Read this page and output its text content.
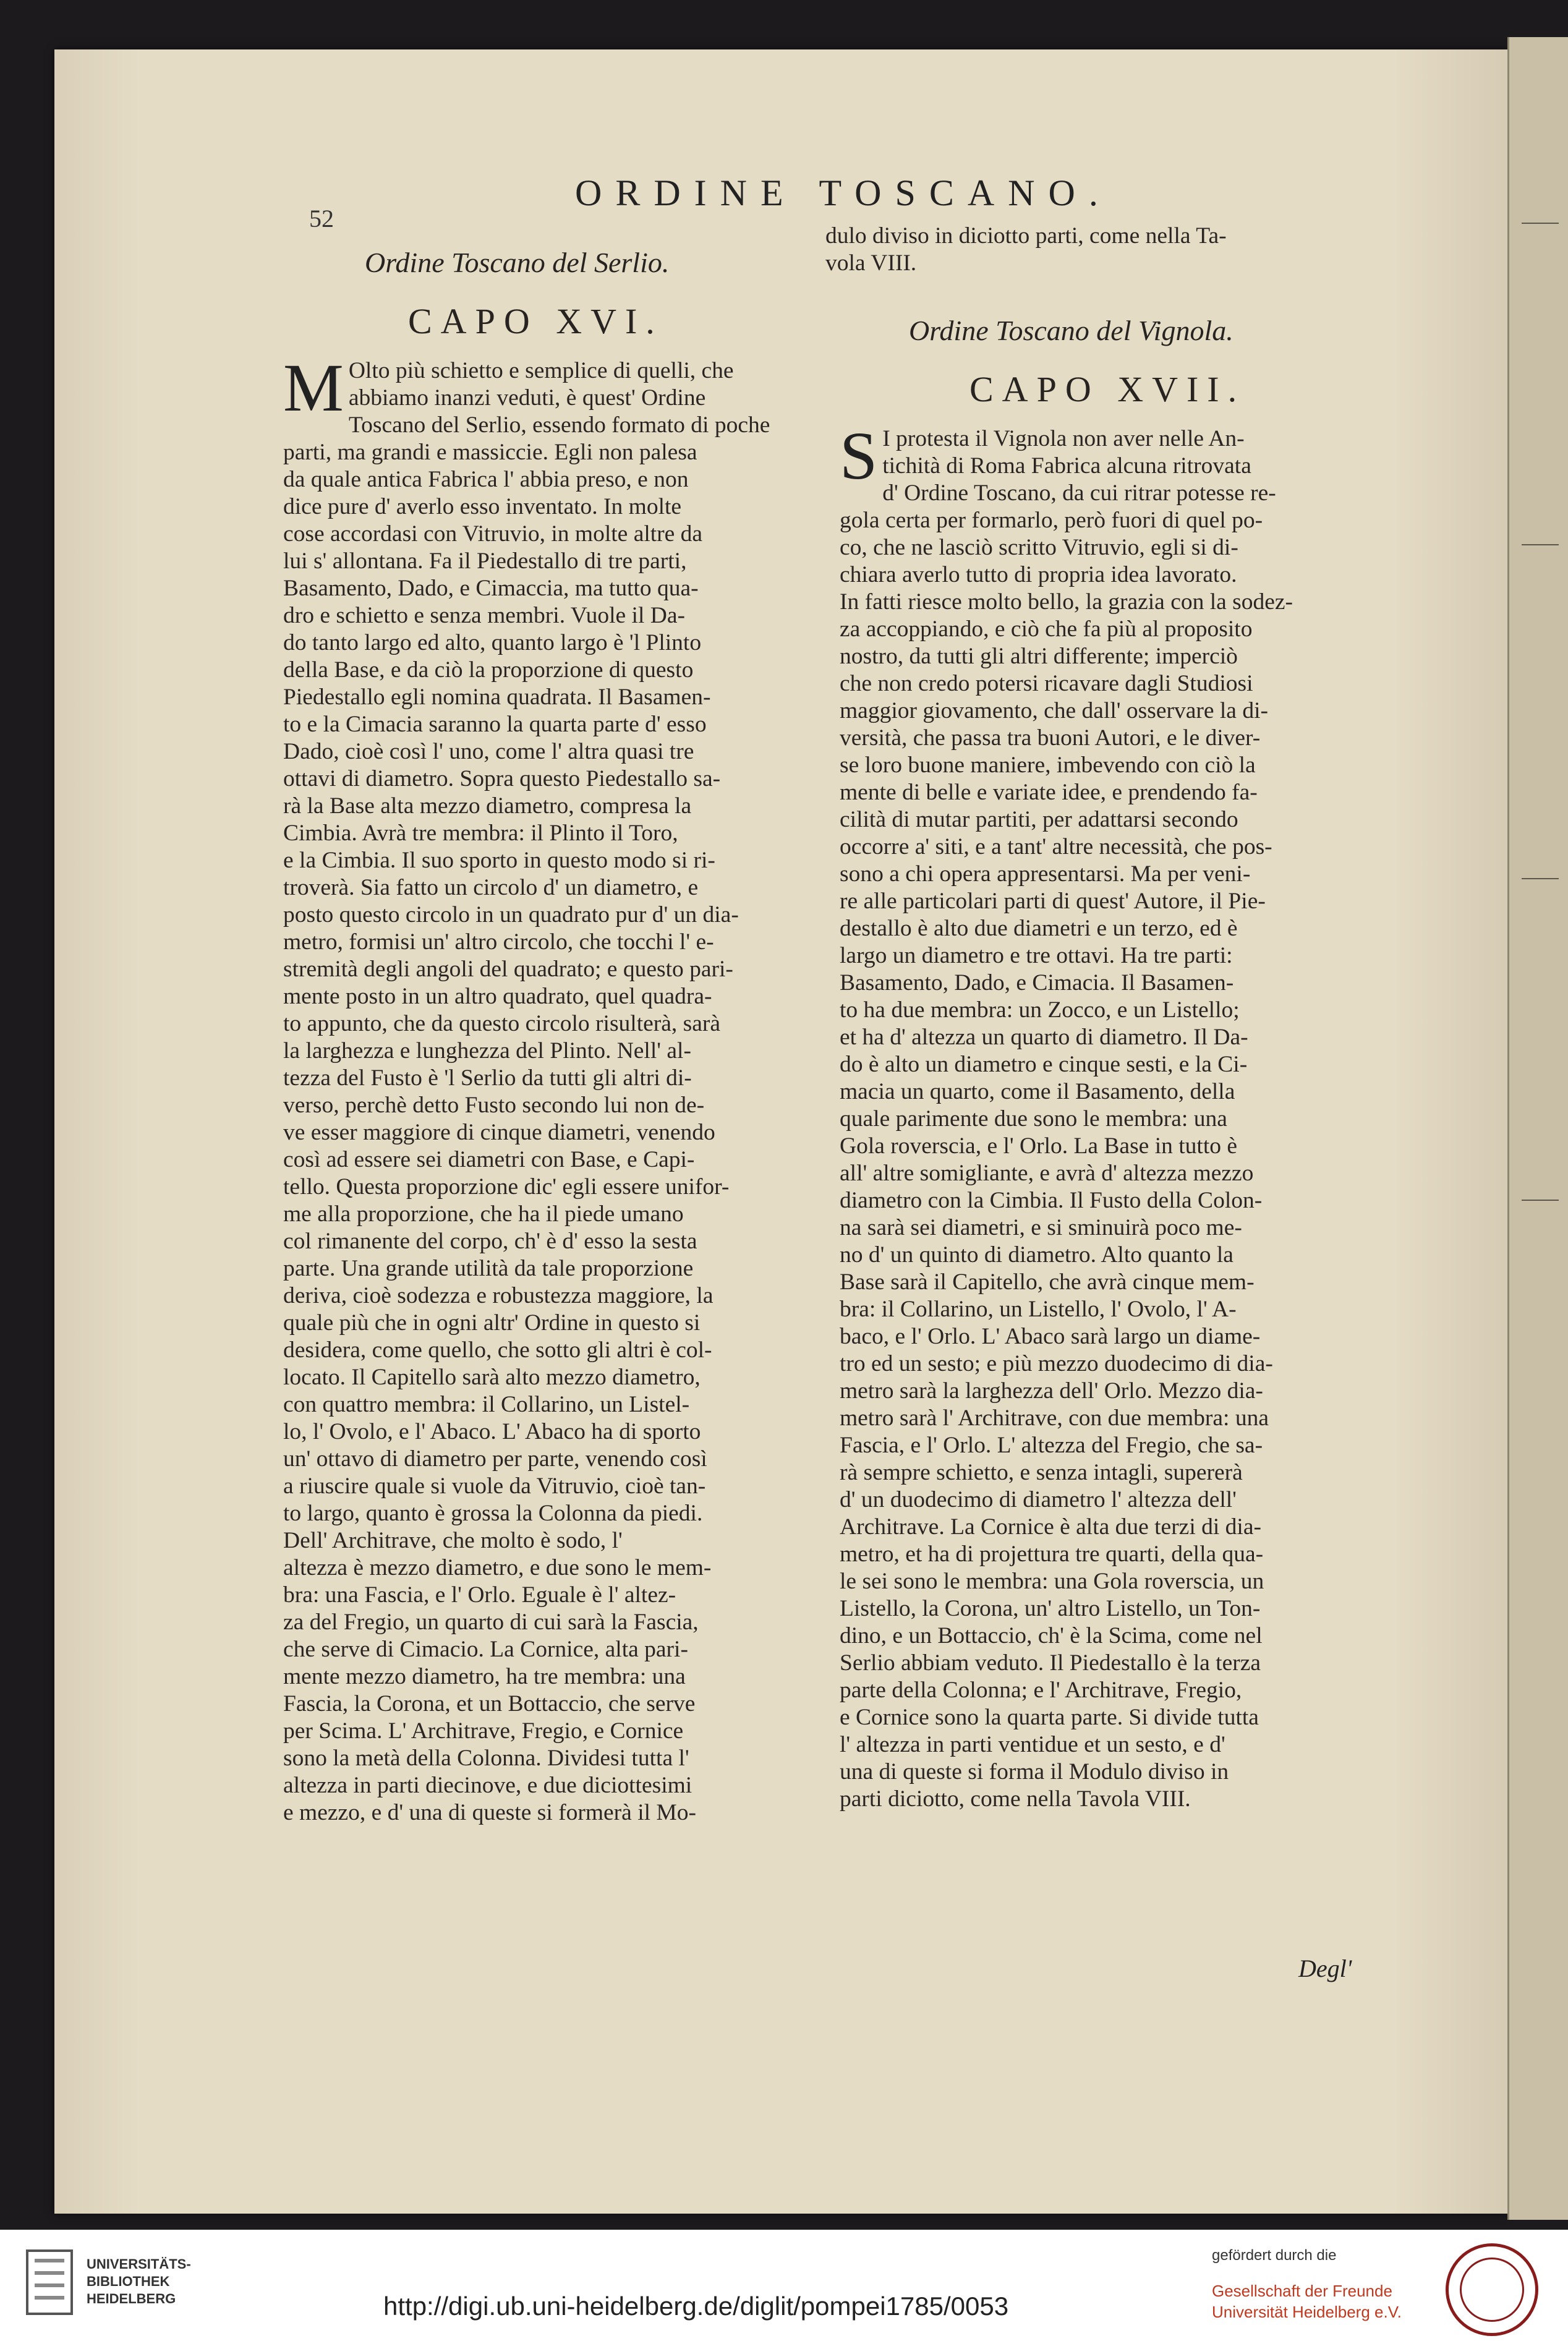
52
ORDINE TOSCANO.
Ordine Toscano del Serlio.
CAPO XVI.
M Olto più schietto e semplice di quelli, che
abbiamo inanzi veduti, è quest' Ordine
Toscano del Serlio, essendo formato di poche
parti, ma grandi e massiccie. Egli non palesa
da quale antica Fabrica l' abbia preso, e non
dice pure d' averlo esso inventato. In molte
cose accordasi con Vitruvio, in molte altre da
lui s' allontana. Fa il Piedestallo di tre parti,
Basamento, Dado, e Cimaccia, ma tutto qua-
dro e schietto e senza membri. Vuole il Da-
do tanto largo ed alto, quanto largo è 'l Plinto
della Base, e da ciò la proporzione di questo
Piedestallo egli nomina quadrata. Il Basamen-
to e la Cimacia saranno la quarta parte d' esso
Dado, cioè così l' uno, come l' altra quasi tre
ottavi di diametro. Sopra questo Piedestallo sa-
rà la Base alta mezzo diametro, compresa la
Cimbia. Avrà tre membra: il Plinto il Toro,
e la Cimbia. Il suo sporto in questo modo si ri-
troverà. Sia fatto un circolo d' un diametro, e
posto questo circolo in un quadrato pur d' un dia-
metro, formisi un' altro circolo, che tocchi l' e-
stremità degli angoli del quadrato; e questo pari-
mente posto in un altro quadrato, quel quadra-
to appunto, che da questo circolo risulterà, sarà
la larghezza e lunghezza del Plinto. Nell' al-
tezza del Fusto è 'l Serlio da tutti gli altri di-
verso, perchè detto Fusto secondo lui non de-
ve esser maggiore di cinque diametri, venendo
così ad essere sei diametri con Base, e Capi-
tello. Questa proporzione dic' egli essere unifor-
me alla proporzione, che ha il piede umano
col rimanente del corpo, ch' è d' esso la sesta
parte. Una grande utilità da tale proporzione
deriva, cioè sodezza e robustezza maggiore, la
quale più che in ogni altr' Ordine in questo si
desidera, come quello, che sotto gli altri è col-
locato. Il Capitello sarà alto mezzo diametro,
con quattro membra: il Collarino, un Listel-
lo, l' Ovolo, e l' Abaco. L' Abaco ha di sporto
un' ottavo di diametro per parte, venendo così
a riuscire quale si vuole da Vitruvio, cioè tan-
to largo, quanto è grossa la Colonna da piedi.
Dell' Architrave, che molto è sodo, l'
altezza è mezzo diametro, e due sono le mem-
bra: una Fascia, e l' Orlo. Eguale è l' altez-
za del Fregio, un quarto di cui sarà la Fascia,
che serve di Cimacio. La Cornice, alta pari-
mente mezzo diametro, ha tre membra: una
Fascia, la Corona, et un Bottaccio, che serve
per Scima. L' Architrave, Fregio, e Cornice
sono la metà della Colonna. Dividesi tutta l'
altezza in parti diecinove, e due diciottesimi
e mezzo, e d' una di queste si formerà il Mo-
dulo diviso in diciotto parti, come nella Ta-
vola VIII.
Ordine Toscano del Vignola.
CAPO XVII.
S I protesta il Vignola non aver nelle An-
tichità di Roma Fabrica alcuna ritrovata
d' Ordine Toscano, da cui ritrar potesse re-
gola certa per formarlo, però fuori di quel po-
co, che ne lasciò scritto Vitruvio, egli si di-
chiara averlo tutto di propria idea lavorato.
In fatti riesce molto bello, la grazia con la sodez-
za accoppiando, e ciò che fa più al proposito
nostro, da tutti gli altri differente; imperciò
che non credo potersi ricavare dagli Studiosi
maggior giovamento, che dall' osservare la di-
versità, che passa tra buoni Autori, e le diver-
se loro buone maniere, imbevendo con ciò la
mente di belle e variate idee, e prendendo fa-
cilità di mutar partiti, per adattarsi secondo
occorre a' siti, e a tant' altre necessità, che pos-
sono a chi opera appresentarsi. Ma per veni-
re alle particolari parti di quest' Autore, il Pie-
destallo è alto due diametri e un terzo, ed è
largo un diametro e tre ottavi. Ha tre parti:
Basamento, Dado, e Cimacia. Il Basamen-
to ha due membra: un Zocco, e un Listello;
et ha d' altezza un quarto di diametro. Il Da-
do è alto un diametro e cinque sesti, e la Ci-
macia un quarto, come il Basamento, della
quale parimente due sono le membra: una
Gola roverscia, e l' Orlo. La Base in tutto è
all' altre somigliante, e avrà d' altezza mezzo
diametro con la Cimbia. Il Fusto della Colon-
na sarà sei diametri, e si sminuirà poco me-
no d' un quinto di diametro. Alto quanto la
Base sarà il Capitello, che avrà cinque mem-
bra: il Collarino, un Listello, l' Ovolo, l' A-
baco, e l' Orlo. L' Abaco sarà largo un diame-
tro ed un sesto; e più mezzo duodecimo di dia-
metro sarà la larghezza dell' Orlo. Mezzo dia-
metro sarà l' Architrave, con due membra: una
Fascia, e l' Orlo. L' altezza del Fregio, che sa-
rà sempre schietto, e senza intagli, supererà
d' un duodecimo di diametro l' altezza dell'
Architrave. La Cornice è alta due terzi di dia-
metro, et ha di projettura tre quarti, della qua-
le sei sono le membra: una Gola roverscia, un
Listello, la Corona, un' altro Listello, un Ton-
dino, e un Bottaccio, ch' è la Scima, come nel
Serlio abbiam veduto. Il Piedestallo è la terza
parte della Colonna; e l' Architrave, Fregio,
e Cornice sono la quarta parte. Si divide tutta
l' altezza in parti ventidue et un sesto, e d'
una di queste si forma il Modulo diviso in
parti diciotto, come nella Tavola VIII.
Degl'
UNIVERSITÄTS-
BIBLIOTHEK
HEIDELBERG	http://digi.ub.uni-heidelberg.de/diglit/pompei1785/0053
gefördert durch die
Gesellschaft der Freunde
Universität Heidelberg e.V.
